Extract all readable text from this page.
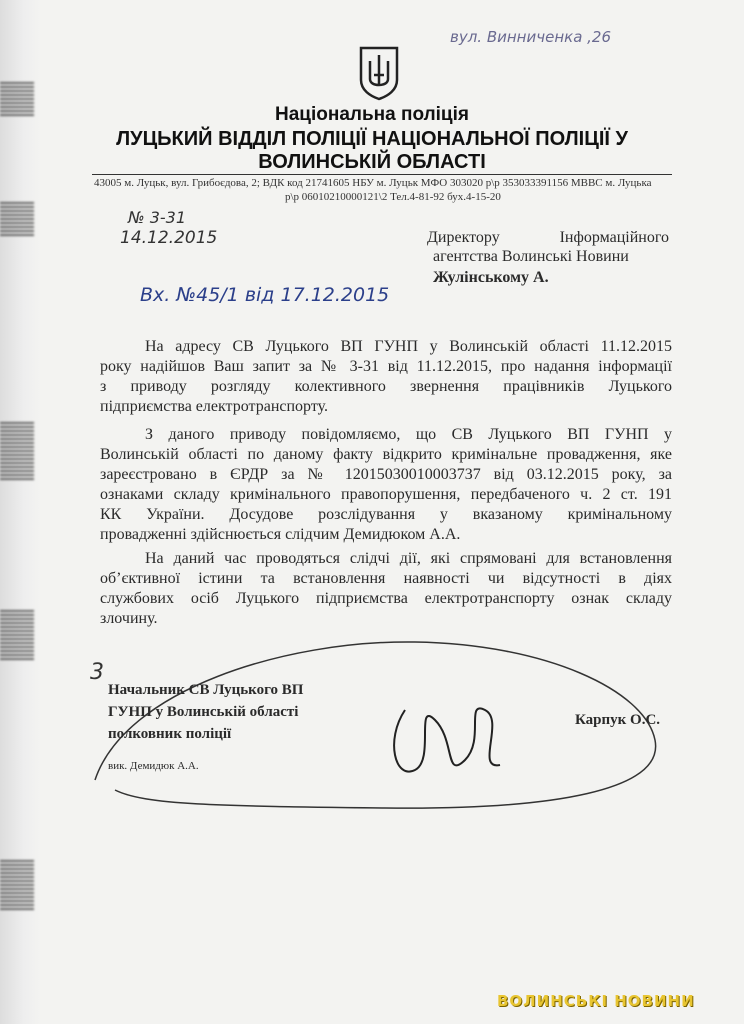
вул. Винниченка ,26
Національна поліція
ЛУЦЬКИЙ ВІДДІЛ ПОЛІЦІЇ НАЦІОНАЛЬНОЇ ПОЛІЦІЇ У
ВОЛИНСЬКІЙ ОБЛАСТІ
43005 м. Луцьк, вул. Грибоєдова, 2; ВДК код 21741605 НБУ м. Луцьк МФО 303020 р\р 353033391156 МВВС м. Луцька
р\р 06010210000121\2 Тел.4-81-92 бух.4-15-20
№ 3-31
14.12.2015
Вх. №45/1 від 17.12.2015
Директору	Інформаційного
агентства Волинські Новини
Жулінському А.
На адресу СВ Луцького ВП ГУНП у Волинській області 11.12.2015
року надійшов Ваш запит за № 3-31 від 11.12.2015, про надання інформації
з приводу розгляду колективного звернення працівників Луцького
підприємства електротранспорту.
З даного приводу повідомляємо, що СВ Луцького ВП ГУНП у
Волинській області по даному факту відкрито кримінальне провадження, яке
зареєстровано в ЄРДР за № 12015030010003737 від 03.12.2015 року, за
ознаками складу кримінального правопорушення, передбаченого ч. 2 ст. 191
КК України. Досудове розслідування у вказаному кримінальному
провадженні здійснюється слідчим Демидюком А.А.
На даний час проводяться слідчі дії, які спрямовані для встановлення
об’єктивної істини та встановлення наявності чи відсутності в діях
службових осіб Луцького підприємства електротранспорту ознак складу
злочину.
3
Начальник СВ Луцького ВП
ГУНП у Волинській області
полковник поліції
Карпук О.С.
вик. Демидюк А.А.
ВОЛИНСЬКІ НОВИНИ
